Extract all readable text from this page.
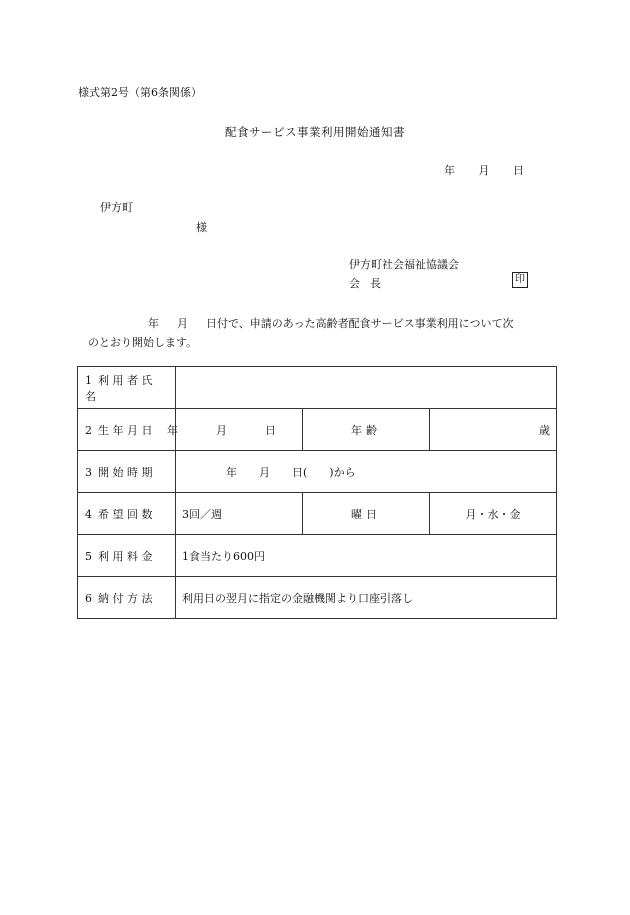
様式第2号（第6条関係）
配食サービス事業利用開始通知書
年 月 日
伊方町
様
伊方町社会福祉協議会
会 長	印
年 月 日付で、申請のあった高齢者配食サービス事業利用について次
のとおり開始します。
1 利用者氏名			
2 生年月日	年 月 日	年齢	歳
3 開始時期	年 月 日(　　)から		
4 希望回数	3回／週	曜日	月・水・金
5 利用料金	1食当たり600円		
6 納付方法	利用日の翌月に指定の金融機関より口座引落し		
